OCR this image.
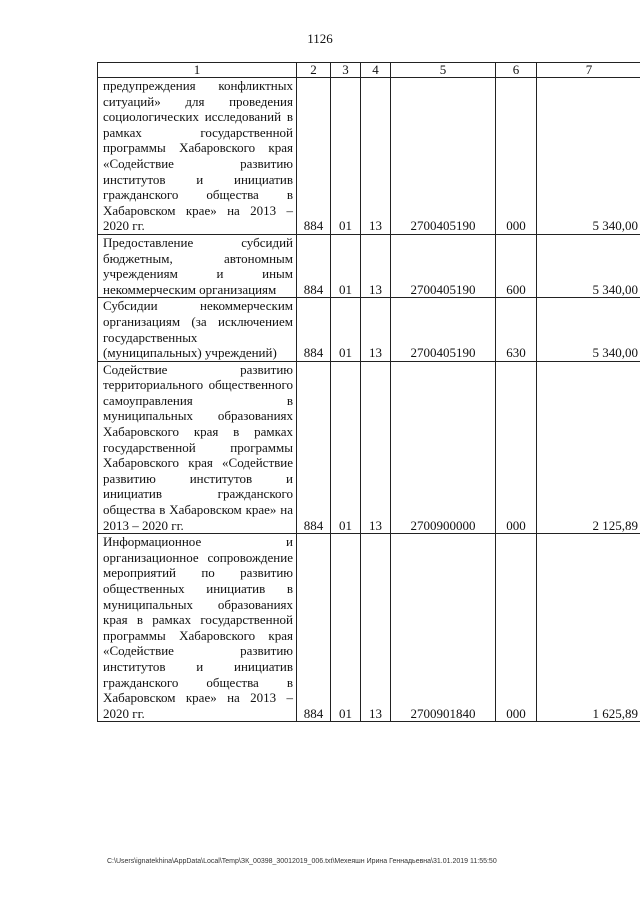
1126
1	2	3	4	5	6	7
предупреждения конфликтных ситуаций» для проведения социологических исследований в рамках государственной программы Хабаровского края «Содействие развитию институтов и инициатив гражданского общества в Хабаровском крае» на 2013 – 2020 гг.	884	01	13	2700405190	000	5 340,00
Предоставление субсидий бюджетным, автономным учреждениям и иным некоммерческим организациям	884	01	13	2700405190	600	5 340,00
Субсидии некоммерческим организациям (за исключением государственных (муниципальных) учреждений)	884	01	13	2700405190	630	5 340,00
Содействие развитию территориального общественного самоуправления в муниципальных образованиях Хабаровского края в рамках государственной программы Хабаровского края «Содействие развитию институтов и инициатив гражданского общества в Хабаровском крае» на 2013 – 2020 гг.	884	01	13	2700900000	000	2 125,89
Информационное и организационное сопровождение мероприятий по развитию общественных инициатив в муниципальных образованиях края в рамках государственной программы Хабаровского края «Содействие развитию институтов и инициатив гражданского общества в Хабаровском крае» на 2013 – 2020 гг.	884	01	13	2700901840	000	1 625,89
C:\Users\ignatekhina\AppData\Local\Temp\ЗК_00398_30012019_006.txt\Мехеяшн Ирина Геннадьевна\31.01.2019 11:55:50
